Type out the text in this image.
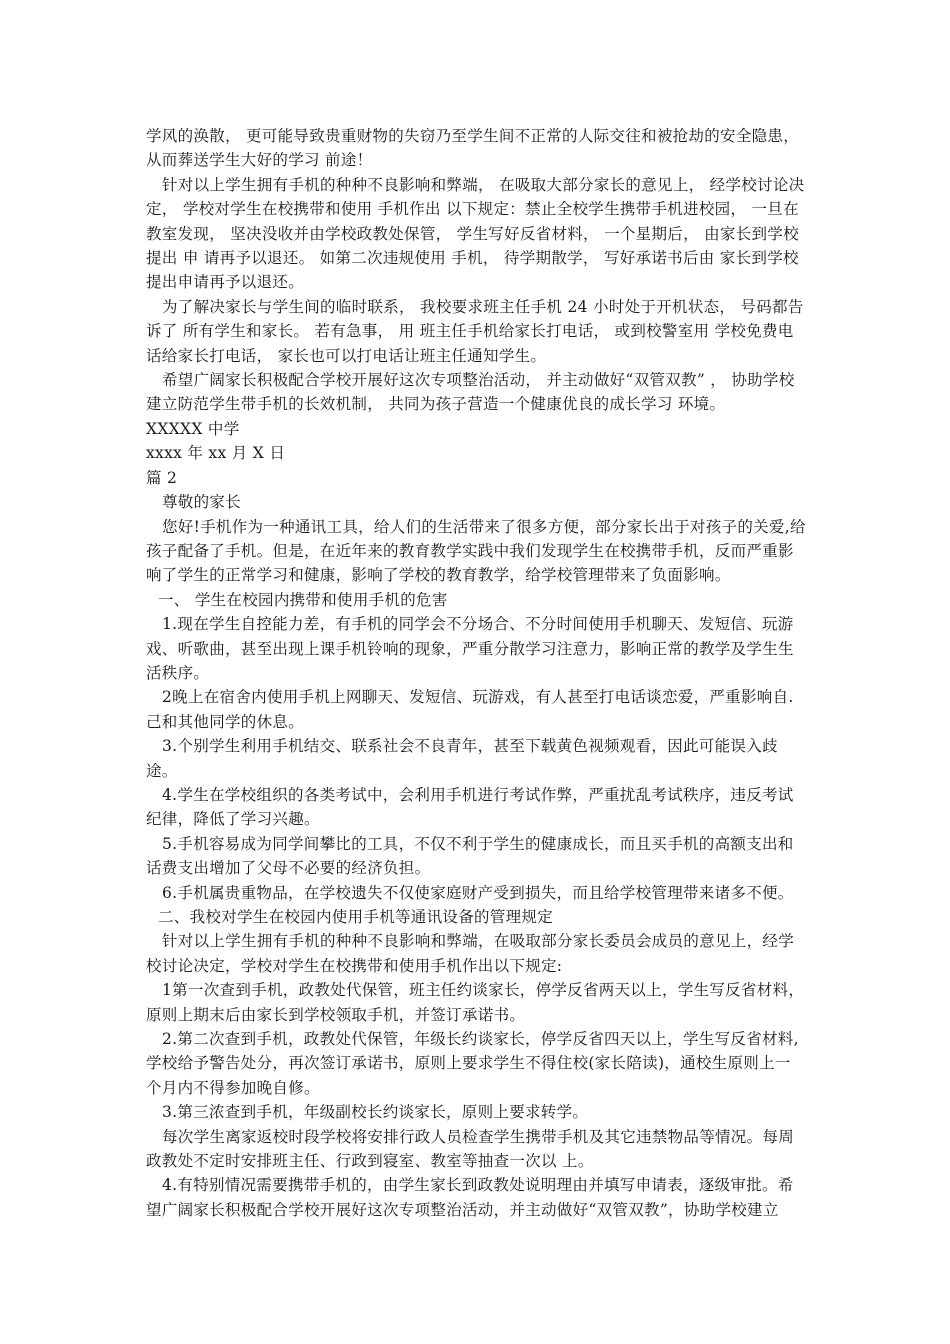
学风的涣散， 更可能导致贵重财物的失窃乃至学生间不正常的人际交往和被抢劫的安全隐患，从而葬送学生大好的学习 前途！

针对以上学生拥有手机的种种不良影响和弊端， 在吸取大部分家长的意见上， 经学校讨论决定， 学校对学生在校携带和使用 手机作出 以下规定：禁止全校学生携带手机进校园， 一旦在教室发现， 坚决没收并由学校政教处保管， 学生写好反省材料， 一个星期后， 由家长到学校提出 申 请再予以退还。 如第二次违规使用 手机， 待学期散学， 写好承诺书后由 家长到学校提出申请再予以退还。

为了解决家长与学生间的临时联系， 我校要求班主任手机 24 小时处于开机状态， 号码都告诉了 所有学生和家长。 若有急事， 用 班主任手机给家长打电话， 或到校警室用 学校免费电话给家长打电话， 家长也可以打电话让班主任通知学生。

希望广阔家长积极配合学校开展好这次专项整治活动， 并主动做好“双管双教” ， 协助学校建立防范学生带手机的长效机制， 共同为孩子营造一个健康优良的成长学习 环境。

XXXXX 中学

xxxx 年 xx 月 X 日

篇 2

尊敬的家长

您好!手机作为一种通讯工具，给人们的生活带来了很多方便，部分家长出于对孩子的关爱,给孩子配备了手机。但是，在近年来的教育教学实践中我们发现学生在校携带手机，反而严重影响了学生的正常学习和健康，影响了学校的教育教学，给学校管理带来了负面影响。

一、 学生在校园内携带和使用手机的危害

1.现在学生自控能力差，有手机的同学会不分场合、不分时间使用手机聊天、发短信、玩游戏、听歌曲，甚至出现上课手机铃响的现象，严重分散学习注意力，影响正常的教学及学生生活秩序。

2晚上在宿舍内使用手机上网聊天、发短信、玩游戏，有人甚至打电话谈恋爱，严重影响自.己和其他同学的休息。

3.个别学生利用手机结交、联系社会不良青年，甚至下载黄色视频观看，因此可能误入歧途。

4.学生在学校组织的各类考试中，会利用手机进行考试作弊，严重扰乱考试秩序，违反考试纪律，降低了学习兴趣。

5.手机容易成为同学间攀比的工具，不仅不利于学生的健康成长，而且买手机的高额支出和话费支出增加了父母不必要的经济负担。

6.手机属贵重物品，在学校遗失不仅使家庭财产受到损失，而且给学校管理带来诸多不便。

二、我校对学生在校园内使用手机等通讯设备的管理规定

针对以上学生拥有手机的种种不良影响和弊端，在吸取部分家长委员会成员的意见上，经学校讨论决定，学校对学生在校携带和使用手机作出以下规定:

1第一次查到手机，政教处代保管，班主任约谈家长，停学反省两天以上，学生写反省材料，原则上期末后由家长到学校领取手机，并签订承诺书。

2.第二次查到手机，政教处代保管，年级长约谈家长，停学反省四天以上，学生写反省材料,学校给予警告处分，再次签订承诺书，原则上要求学生不得住校(家长陪读)，通校生原则上一个月内不得参加晚自修。

3.第三浓查到手机，年级副校长约谈家长，原则上要求转学。

每次学生离家返校时段学校将安排行政人员检查学生携带手机及其它违禁物品等情况。每周政教处不定时安排班主任、行政到寝室、教室等抽查一次以 上。

4.有特别情况需要携带手机的，由学生家长到政教处说明理由并填写申请表，逐级审批。希望广阔家长积极配合学校开展好这次专项整治活动，并主动做好“双管双教”，协助学校建立
